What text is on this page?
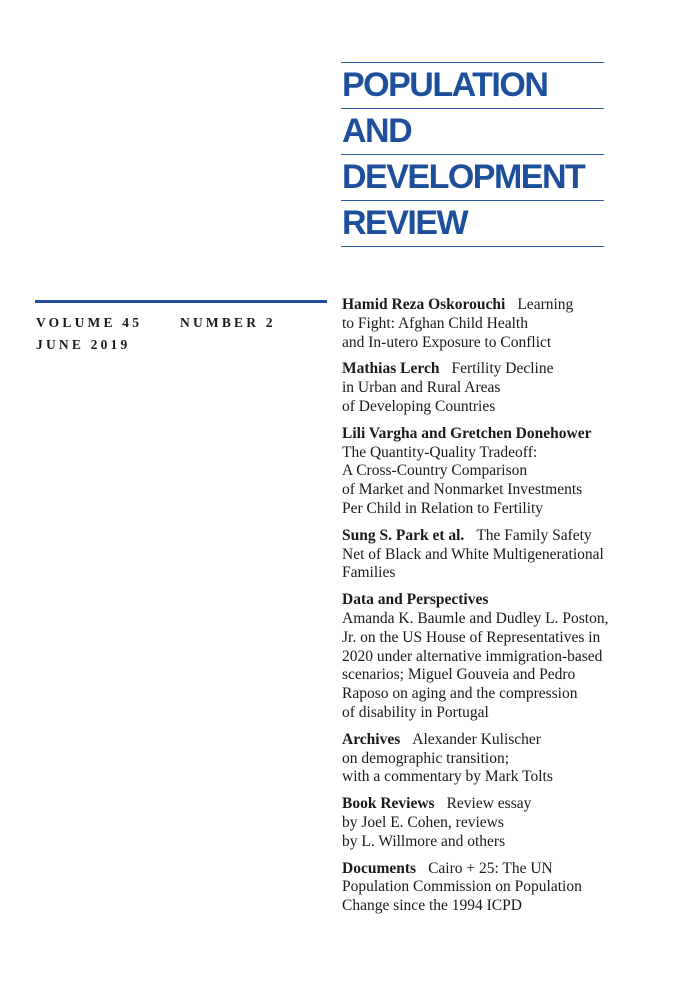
POPULATION
AND
DEVELOPMENT
REVIEW
VOLUME 45	NUMBER 2
JUNE 2019
Hamid Reza Oskorouchi Learning
to Fight: Afghan Child Health
and In-utero Exposure to Conflict
Mathias Lerch Fertility Decline
in Urban and Rural Areas
of Developing Countries
Lili Vargha and Gretchen Donehower
The Quantity-Quality Tradeoff:
A Cross-Country Comparison
of Market and Nonmarket Investments
Per Child in Relation to Fertility
Sung S. Park et al. The Family Safety
Net of Black and White Multigenerational
Families
Data and Perspectives
Amanda K. Baumle and Dudley L. Poston,
Jr. on the US House of Representatives in
2020 under alternative immigration-based
scenarios; Miguel Gouveia and Pedro
Raposo on aging and the compression
of disability in Portugal
Archives Alexander Kulischer
on demographic transition;
with a commentary by Mark Tolts
Book Reviews Review essay
by Joel E. Cohen, reviews
by L. Willmore and others
Documents Cairo + 25: The UN
Population Commission on Population
Change since the 1994 ICPD
